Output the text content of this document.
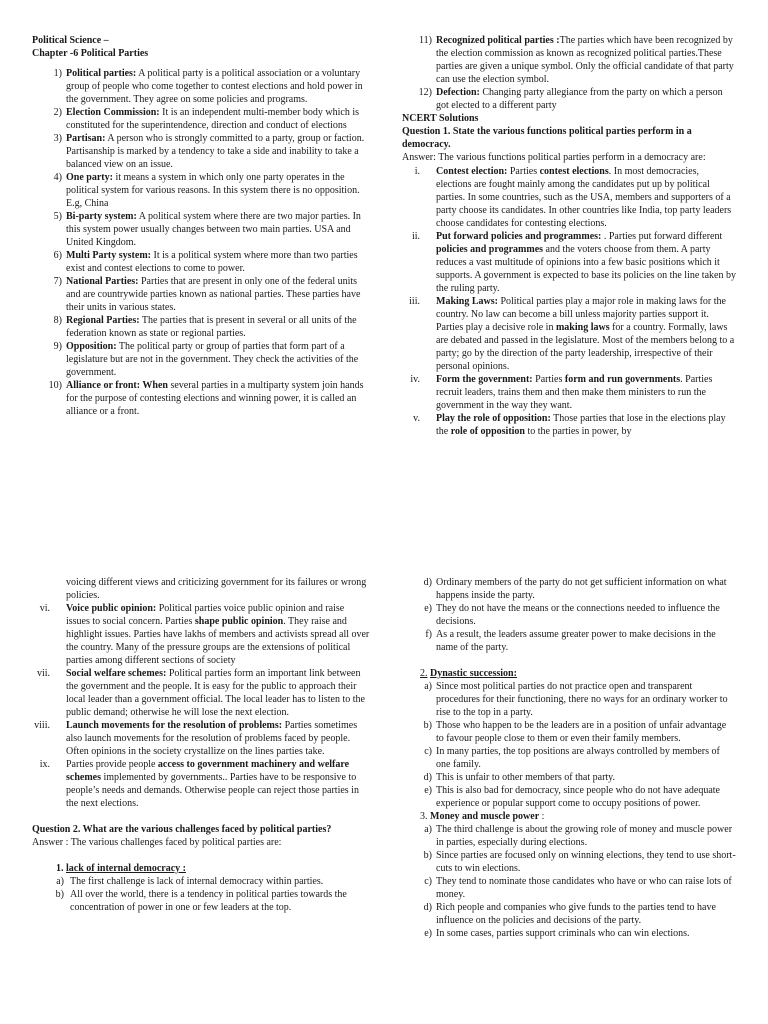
Political Science –
Chapter -6 Political Parties
1) Political parties: A political party is a political association or a voluntary group of people who come together to contest elections and hold power in the government. They agree on some policies and programs.
2) Election Commission: It is an independent multi-member body which is constituted for the superintendence, direction and conduct of elections
3) Partisan: A person who is strongly committed to a party, group or faction. Partisanship is marked by a tendency to take a side and inability to take a balanced view on an issue.
4) One party: it means a system in which only one party operates in the political system for various reasons. In this system there is no opposition. E.g, China
5) Bi-party system: A political system where there are two major parties. In this system power usually changes between two main parties. USA and United Kingdom.
6) Multi Party system: It is a political system where more than two parties exist and contest elections to come to power.
7) National Parties: Parties that are present in only one of the federal units and are countrywide parties known as national parties. These parties have their units in various states.
8) Regional Parties: The parties that is present in several or all units of the federation known as state or regional parties.
9) Opposition: The political party or group of parties that form part of a legislature but are not in the government. They check the activities of the government.
10) Alliance or front: When several parties in a multiparty system join hands for the purpose of contesting elections and winning power, it is called an alliance or a front.
11) Recognized political parties :The parties which have been recognized by the election commission as known as recognized political parties.These parties are given a unique symbol. Only the official candidate of that party can use the election symbol.
12) Defection: Changing party allegiance from the party on which a person got elected to a different party
NCERT Solutions
Question 1. State the various functions political parties perform in a democracy.

Answer: The various functions political parties perform in a democracy are:

i. Contest election: Parties contest elections. In most democracies, elections are fought mainly among the candidates put up by political parties. In some countries, such as the USA, members and supporters of a party choose its candidates. In other countries like India, top party leaders choose candidates for contesting elections.
ii. Put forward policies and programmes: . Parties put forward different policies and programmes and the voters choose from them. A party reduces a vast multitude of opinions into a few basic positions which it supports. A government is expected to base its policies on the line taken by the ruling party.
iii. Making Laws: Political parties play a major role in making laws for the country. No law can become a bill unless majority parties support it. Parties play a decisive role in making laws for a country. Formally, laws are debated and passed in the legislature. Most of the members belong to a party; go by the direction of the party leadership, irrespective of their personal opinions.
iv. Form the government: Parties form and run governments. Parties recruit leaders, trains them and then make them ministers to run the government in the way they want.
v. Play the role of opposition: Those parties that lose in the elections play the role of opposition to the parties in power, by

voicing different views and criticizing government for its failures or wrong policies.

vi. Voice public opinion: Political parties voice public opinion and raise issues to social concern. Parties shape public opinion. They raise and highlight issues. Parties have lakhs of members and activists spread all over the country. Many of the pressure groups are the extensions of political parties among different sections of society
vii. Social welfare schemes: Political parties form an important link between the government and the people. It is easy for the public to approach their local leader than a government official. The local leader has to listen to the public demand; otherwise he will lose the next election.
viii. Launch movements for the resolution of problems: Parties sometimes also launch movements for the resolution of problems faced by people. Often opinions in the society crystallize on the lines parties take.
ix. Parties provide people access to government machinery and welfare schemes implemented by governments.. Parties have to be responsive to people’s needs and demands. Otherwise people can reject those parties in the next elections.
Question 2. What are the various challenges faced by political parties?

Answer : The various challenges faced by political parties are:

1. lack of internal democracy :
a) The first challenge is lack of internal democracy within parties.
b) All over the world, there is a tendency in political parties towards the concentration of power in one or few leaders at the top.
d) Ordinary members of the party do not get sufficient information on what happens inside the party.
e) They do not have the means or the connections needed to influence the decisions.
f) As a result, the leaders assume greater power to make decisions in the name of the party.
2. Dynastic succession:
a) Since most political parties do not practice open and transparent procedures for their functioning, there no ways for an ordinary worker to rise to the top in a party.
b) Those who happen to be the leaders are in a position of unfair advantage to favour people close to them or even their family members.
c) In many parties, the top positions are always controlled by members of one family.
d) This is unfair to other members of that party.
e) This is also bad for democracy, since people who do not have adequate experience or popular support come to occupy positions of power.
3. Money and muscle power :
a) The third challenge is about the growing role of money and muscle power in parties, especially during elections.
b) Since parties are focused only on winning elections, they tend to use short-cuts to win elections.
c) They tend to nominate those candidates who have or who can raise lots of money.
d) Rich people and companies who give funds to the parties tend to have influence on the policies and decisions of the party.
e) In some cases, parties support criminals who can win elections.
